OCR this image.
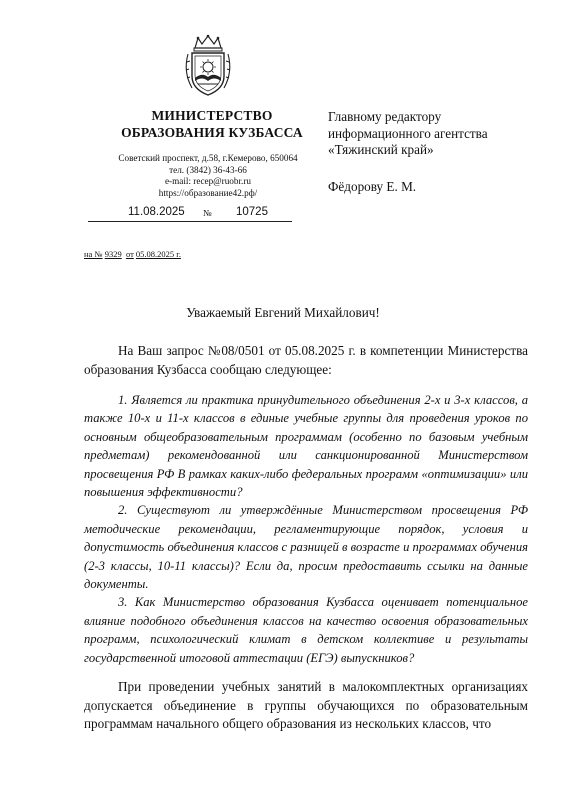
МИНИСТЕРСТВО
ОБРАЗОВАНИЯ КУЗБАССА
Советский проспект, д.58, г.Кемерово, 650064
тел. (3842) 36-43-66
e-mail: recep@ruobr.ru
https://образование42.рф/
11.08.2025 № 10725
на № 9329 от 05.08.2025 г.
Главному редактору
информационного агентства
«Тяжинский край»
Фёдорову Е. М.
Уважаемый Евгений Михайлович!
На Ваш запрос №08/0501 от 05.08.2025 г. в компетенции Министерства образования Кузбасса сообщаю следующее:

1. Является ли практика принудительного объединения 2-х и 3-х классов, а также 10-х и 11-х классов в единые учебные группы для проведения уроков по основным общеобразовательным программам (особенно по базовым учебным предметам) рекомендованной или санкционированной Министерством просвещения РФ В рамках каких-либо федеральных программ «оптимизации» или повышения эффективности?

2. Существуют ли утверждённые Министерством просвещения РФ методические рекомендации, регламентирующие порядок, условия и допустимость объединения классов с разницей в возрасте и программах обучения (2-3 классы, 10-11 классы)? Если да, просим предоставить ссылки на данные документы.

3. Как Министерство образования Кузбасса оценивает потенциальное влияние подобного объединения классов на качество освоения образовательных программ, психологический климат в детском коллективе и результаты государственной итоговой аттестации (ЕГЭ) выпускников?

При проведении учебных занятий в малокомплектных организациях допускается объединение в группы обучающихся по образовательным программам начального общего образования из нескольких классов, что
